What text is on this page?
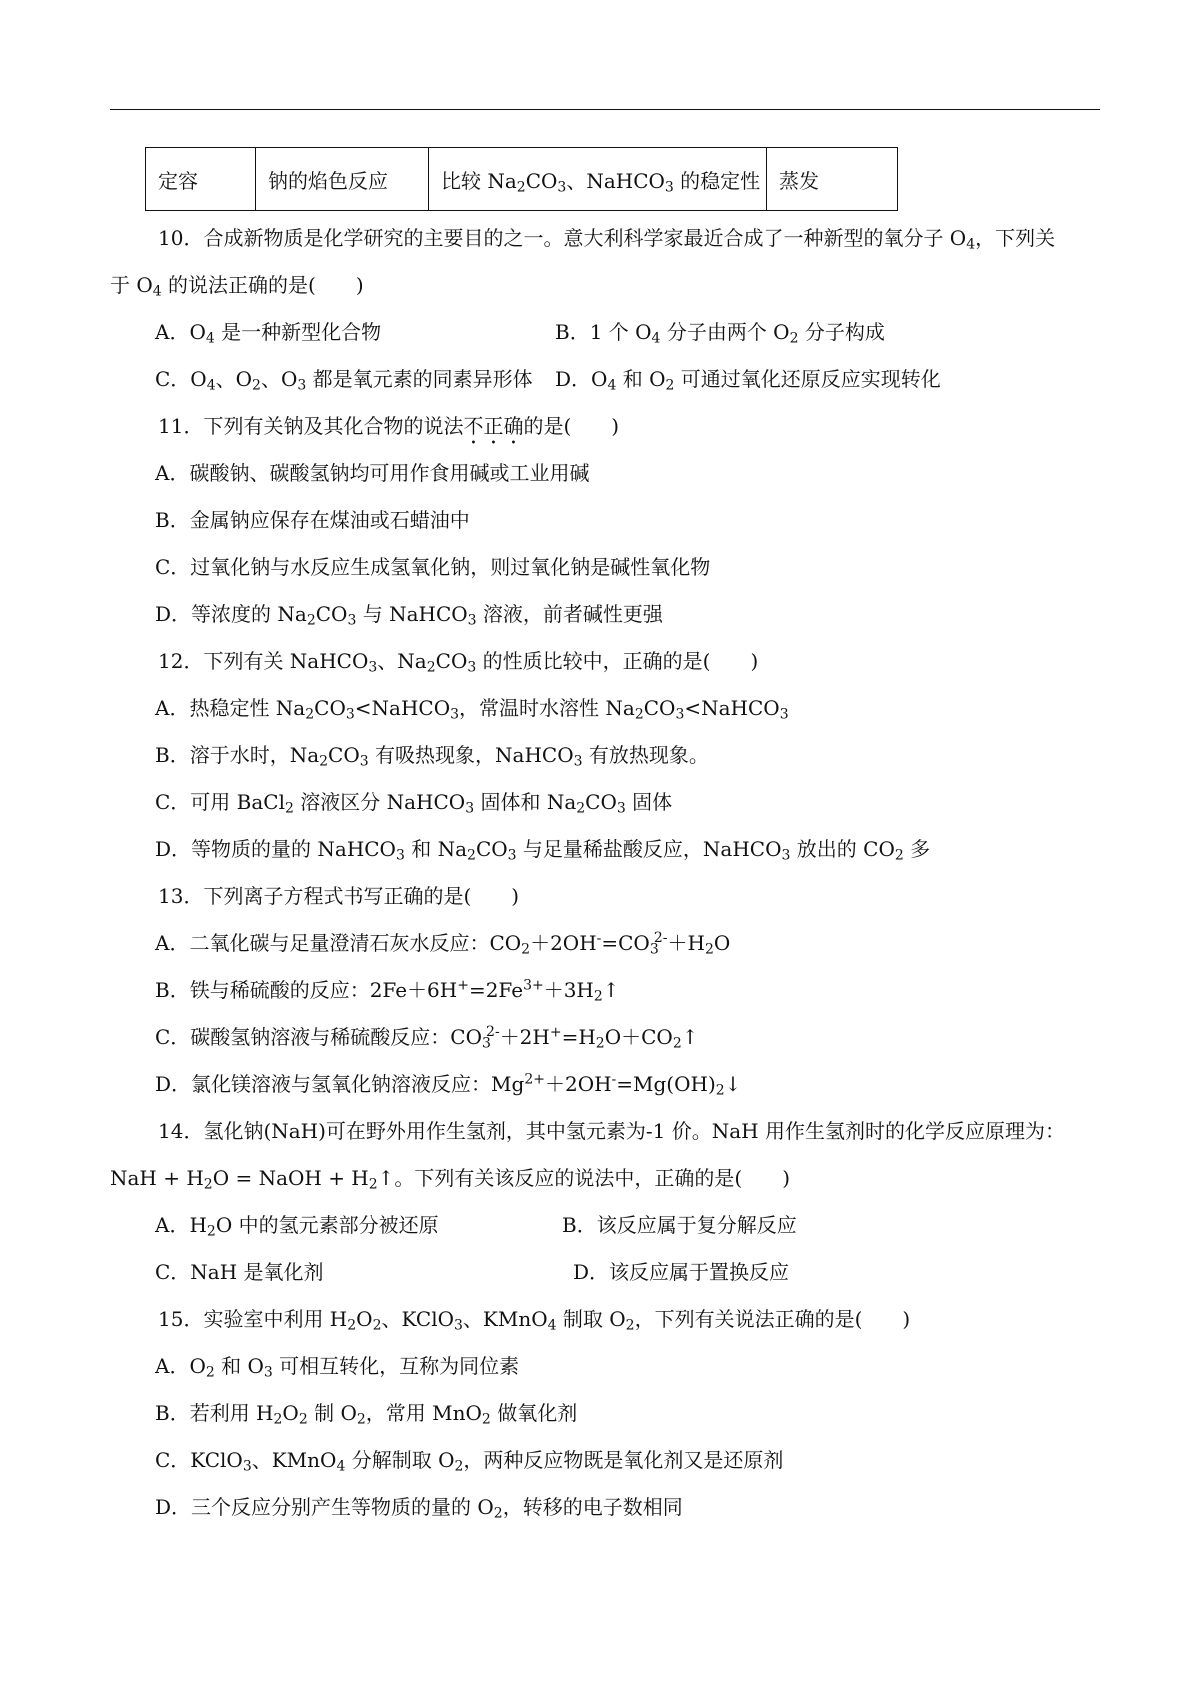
定容	钠的焰色反应	比较 $Na_2CO_3$、NaHCO$_3$ 的稳定性	蒸发
10．合成新物质是化学研究的主要目的之一。意大利科学家最近合成了一种新型的氧分子 $O_4$，下列关
于 $O_4$ 的说法正确的是(　　)
A．$O_4$ 是一种新型化合物	B．1 个 $O_4$ 分子由两个 $O_2$ 分子构成
C．$O_4$、$O_2$、$O_3$ 都是氧元素的同素异形体	D．$O_4$ 和 $O_2$ 可通过氧化还原反应实现转化
11．下列有关钠及其化合物的说法不正确的是(　　)
A．碳酸钠、碳酸氢钠均可用作食用碱或工业用碱
B．金属钠应保存在煤油或石蜡油中
C．过氧化钠与水反应生成氢氧化钠，则过氧化钠是碱性氧化物
D．等浓度的 $Na_2CO_3$ 与 NaHCO$_3$ 溶液，前者碱性更强
12．下列有关 NaHCO$_3$、$Na_2CO_3$ 的性质比较中，正确的是(　　)
A．热稳定性 $Na_2CO_3<NaHCO_3$，常温时水溶性 $Na_2CO_3<NaHCO_3$
B．溶于水时，$Na_2CO_3$ 有吸热现象，NaHCO$_3$ 有放热现象。
C．可用 BaCl$_2$ 溶液区分 NaHCO$_3$ 固体和 $Na_2CO_3$ 固体
D．等物质的量的 NaHCO$_3$ 和 $Na_2CO_3$ 与足量稀盐酸反应，NaHCO$_3$ 放出的 $CO_2$ 多
13．下列离子方程式书写正确的是(　　)
A．二氧化碳与足量澄清石灰水反应：$CO_2+2OH^-=CO_3^{2-}+H_2O$
B．铁与稀硫酸的反应：$2Fe+6H^+=2Fe^{3+}+3H_2↑$
C．碳酸氢钠溶液与稀硫酸反应：$CO_3^{2-}+2H^+=H_2O+CO_2↑$
D．氯化镁溶液与氢氧化钠溶液反应：$Mg^{2+}+2OH^-=Mg(OH)_2↓$
14．氢化钠(NaH)可在野外用作生氢剂，其中氢元素为-1 价。NaH 用作生氢剂时的化学反应原理为：
NaH + $H_2O$ = NaOH + $H_2↑$。下列有关该反应的说法中，正确的是(　　)
A．$H_2O$ 中的氢元素部分被还原	B．该反应属于复分解反应
C．NaH 是氧化剂	D．该反应属于置换反应
15．实验室中利用 $H_2O_2$、KClO$_3$、KMnO$_4$ 制取 $O_2$，下列有关说法正确的是(　　)
A．$O_2$ 和 $O_3$ 可相互转化，互称为同位素
B．若利用 $H_2O_2$ 制 $O_2$，常用 MnO$_2$ 做氧化剂
C．KClO$_3$、KMnO$_4$ 分解制取 $O_2$，两种反应物既是氧化剂又是还原剂
D．三个反应分别产生等物质的量的 $O_2$，转移的电子数相同
